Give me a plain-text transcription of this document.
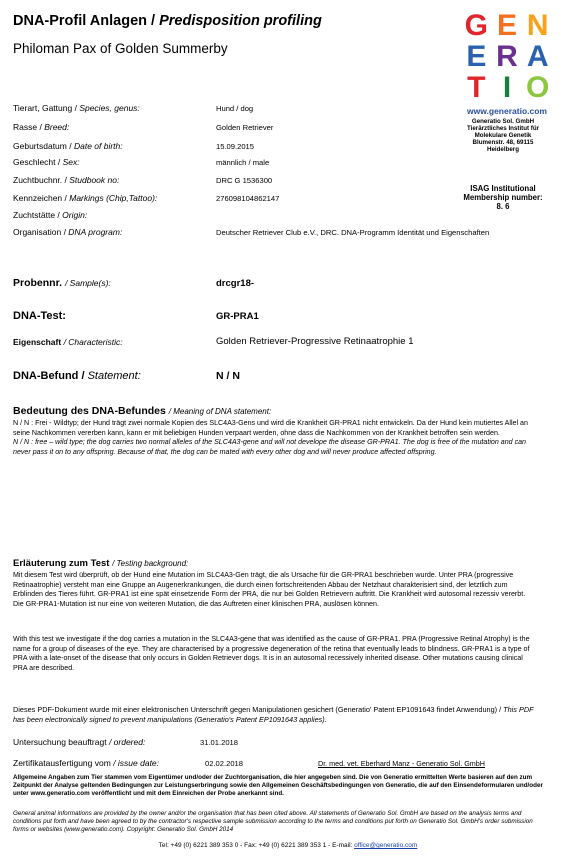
DNA-Profil Anlagen / Predisposition profiling
Philoman Pax of Golden Summerby
G E N
E R A
T I O
www.generatio.com
Generatio Sol. GmbH
Tierärztliches Institut für
Molekulare Genetik
Blumenstr. 48, 69115
Heidelberg
ISAG Institutional
Membership number:
8. 6
Tierart, Gattung / Species, genus:	Hund / dog
Rasse / Breed:	Golden Retriever
Geburtsdatum / Date of birth:	15.09.2015
Geschlecht / Sex:	männlich / male
Zuchtbuchnr. / Studbook no:	DRC G 1536300
Kennzeichen / Markings (Chip,Tattoo):	276098104862147
Zuchtstätte / Origin:
Organisation / DNA program:	Deutscher Retriever Club e.V., DRC. DNA-Programm Identität und Eigenschaften
Probennr. / Sample(s):	drcgr18-
DNA-Test:	GR-PRA1
Eigenschaft / Characteristic:	Golden Retriever-Progressive Retinaatrophie 1
DNA-Befund / Statement:	N / N
Bedeutung des DNA-Befundes / Meaning of DNA statement:

N / N : Frei - Wildtyp; der Hund trägt zwei normale Kopien des SLC4A3-Gens und wird die Krankheit GR-PRA1 nicht entwickeln. Da der Hund kein mutiertes Allel an seine Nachkommen vererben kann, kann er mit beliebigen Hunden verpaart werden, ohne dass die Nachkommen von der Krankheit betroffen sein werden.

N / N : free – wild type; the dog carries two normal alleles of the SLC4A3-gene and will not develope the disease GR-PRA1. The dog is free of the mutation and can never pass it on to any offspring. Because of that, the dog can be mated with every other dog and will never produce affected offspring.

Erläuterung zum Test / Testing background:
Mit diesem Test wird überprüft, ob der Hund eine Mutation im SLC4A3-Gen trägt, die als Ursache für die GR-PRA1 beschrieben wurde. Unter PRA (progressive Retinaatrophie) versteht man eine Gruppe an Augenerkrankungen, die durch einen fortschreitenden Abbau der Netzhaut charakterisiert sind, der letztlich zum Erblinden des Tieres führt. GR-PRA1 ist eine spät einsetzende Form der PRA, die nur bei Golden Retrievern auftritt. Die Krankheit wird autosomal rezessiv vererbt. Die GR-PRA1-Mutation ist nur eine von weiteren Mutation, die das Auftreten einer klinischen PRA, auslösen können.
With this test we investigate if the dog carries a mutation in the SLC4A3-gene that was identified as the cause of GR-PRA1. PRA (Progressive Retinal Atrophy) is the name for a group of diseases of the eye. They are characterised by a progressive degeneration of the retina that eventually leads to blindness. GR-PRA1 is a type of PRA with a late-onset of the disease that only occurs in Golden Retriever dogs. It is in an autosomal recessively inherited disease. Other mutations causing clinical PRA are described.
Dieses PDF-Dokument wurde mit einer elektronischen Unterschrift gegen Manipulationen gesichert (Generatio' Patent EP1091643 findet Anwendung) / This PDF has been electronically signed to prevent manipulations (Generatio's Patent EP1091643 applies).
Untersuchung beauftragt / ordered:	31.01.2018
Zertifikatausfertigung vom / issue date:	02.02.2018	Dr. med. vet. Eberhard Manz - Generatio Sol. GmbH
Allgemeine Angaben zum Tier stammen vom Eigentümer und/oder der Zuchtorganisation, die hier angegeben sind. Die von Generatio ermittelten Werte basieren auf den zum Zeitpunkt der Analyse geltenden Bedingungen zur Leistungserbringung sowie den Allgemeinen Geschäftsbedingungen von Generatio, die auf den Einsendeformularen und/oder unter www.generatio.com veröffentlicht und mit dem Einreichen der Probe anerkannt sind.
General animal informations are provided by the owner and/or the organisation that has been cited above. All statements of Generatio Sol. GmbH are based on the analysis terms and conditions put forth and have been agreed to by the contractor's respective sample submission according to the terms and conditions put forth on Generatio Sol. GmbH's order submission forms or websites (www.generatio.com). Copyright: Generatio Sol. GmbH 2014
Tel: +49 (0) 6221 389 353 0 - Fax: +49 (0) 6221 389 353 1 - E-mail: office@generatio.com
